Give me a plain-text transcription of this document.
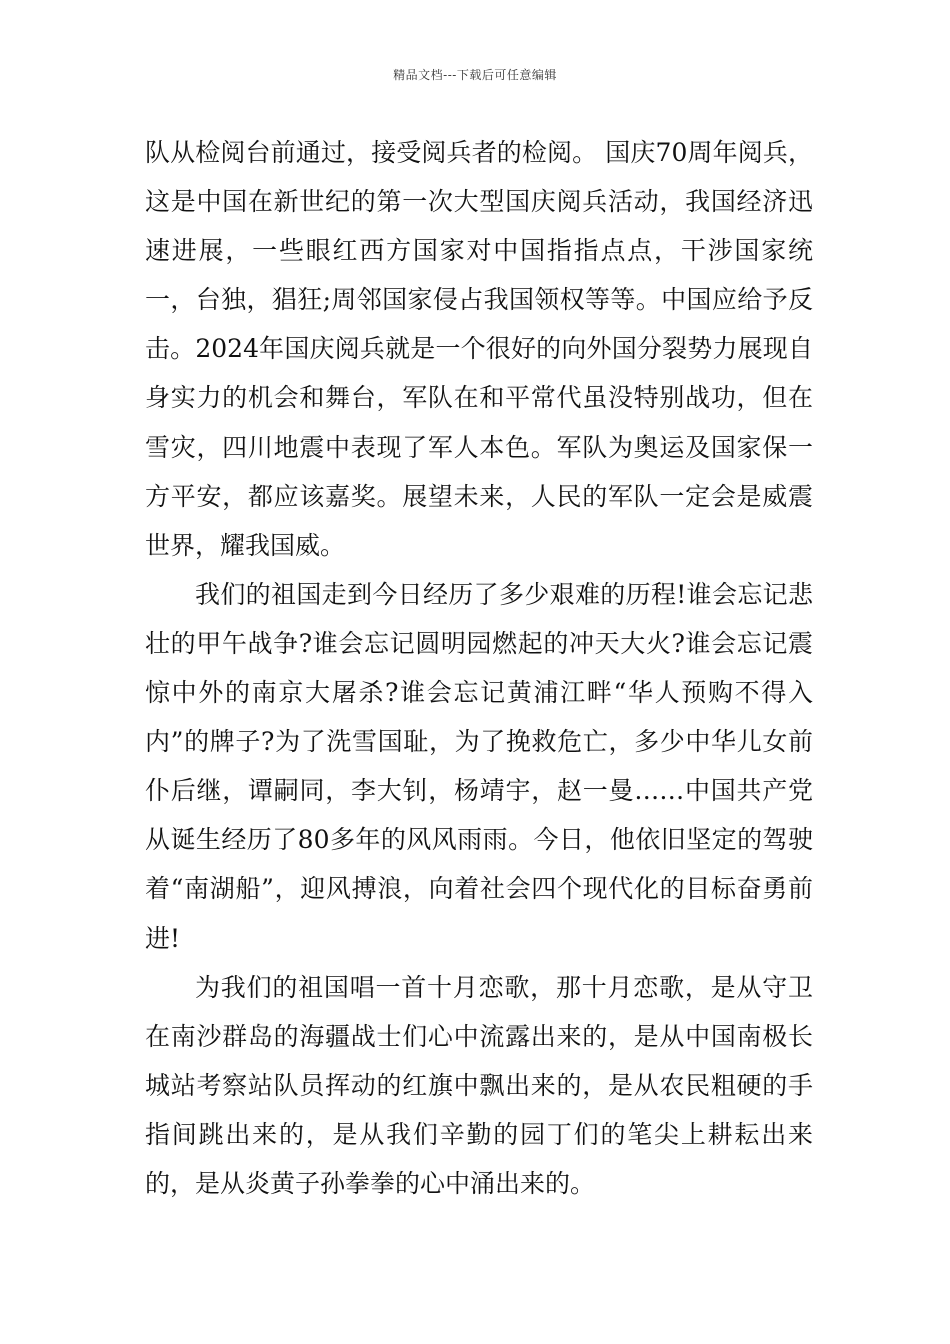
精品文档---下载后可任意编辑

队从检阅台前通过，接受阅兵者的检阅。 国庆70周年阅兵，这是中国在新世纪的第一次大型国庆阅兵活动，我国经济迅速进展，一些眼红西方国家对中国指指点点，干涉国家统一，台独，猖狂;周邻国家侵占我国领权等等。中国应给予反击。2024年国庆阅兵就是一个很好的向外国分裂势力展现自身实力的机会和舞台，军队在和平常代虽没特别战功，但在雪灾，四川地震中表现了军人本色。军队为奥运及国家保一方平安，都应该嘉奖。展望未来，人民的军队一定会是威震世界，耀我国威。

我们的祖国走到今日经历了多少艰难的历程!谁会忘记悲壮的甲午战争?谁会忘记圆明园燃起的冲天大火?谁会忘记震惊中外的南京大屠杀?谁会忘记黄浦江畔“华人预购不得入内”的牌子?为了洗雪国耻，为了挽救危亡，多少中华儿女前仆后继，谭嗣同，李大钊，杨靖宇，赵一曼……中国共产党从诞生经历了80多年的风风雨雨。今日，他依旧坚定的驾驶着“南湖船”，迎风搏浪，向着社会四个现代化的目标奋勇前进!

为我们的祖国唱一首十月恋歌，那十月恋歌，是从守卫在南沙群岛的海疆战士们心中流露出来的，是从中国南极长城站考察站队员挥动的红旗中飘出来的，是从农民粗硬的手指间跳出来的，是从我们辛勤的园丁们的笔尖上耕耘出来的，是从炎黄子孙拳拳的心中涌出来的。
